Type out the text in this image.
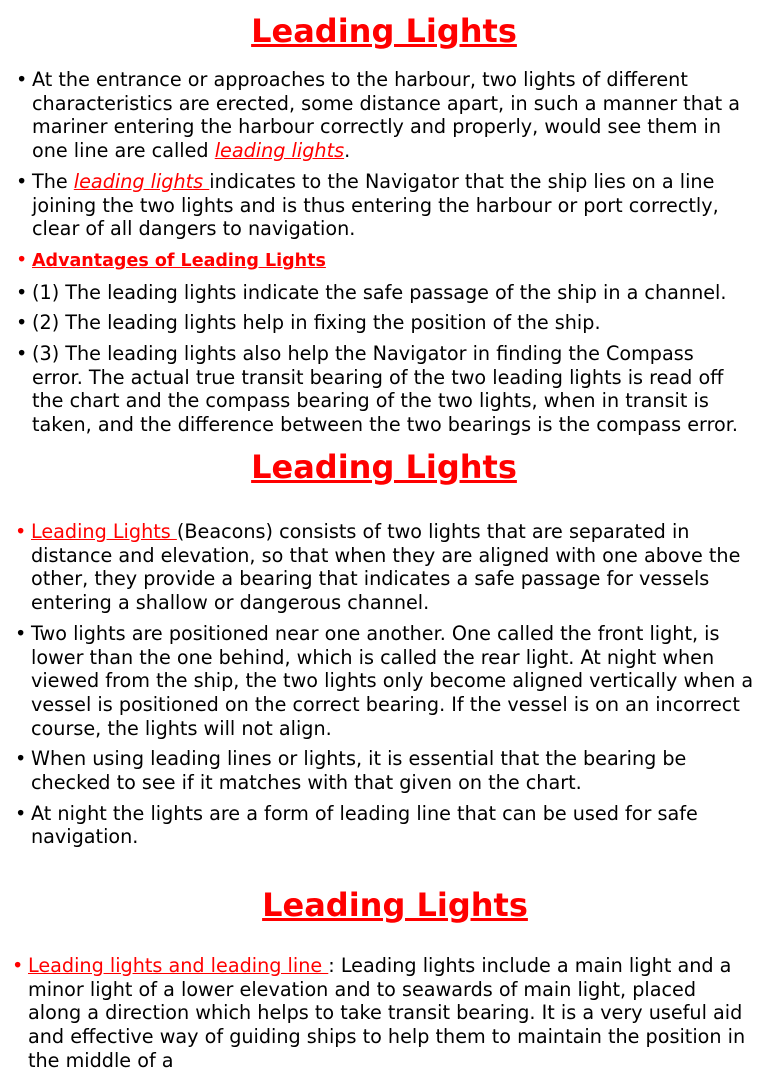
Leading Lights
• At the entrance or approaches to the harbour, two lights of different characteristics are erected, some distance apart, in such a manner that a mariner entering the harbour correctly and properly, would see them in one line are called leading lights.
• The leading lights indicates to the Navigator that the ship lies on a line joining the two lights and is thus entering the harbour or port correctly, clear of all dangers to navigation.
• Advantages of Leading Lights
• (1) The leading lights indicate the safe passage of the ship in a channel.
• (2) The leading lights help in fixing the position of the ship.
• (3) The leading lights also help the Navigator in finding the Compass error. The actual true transit bearing of the two leading lights is read off the chart and the compass bearing of the two lights, when in transit is taken, and the difference between the two bearings is the compass error.
Leading Lights
• Leading Lights (Beacons) consists of two lights that are separated in distance and elevation, so that when they are aligned with one above the other, they provide a bearing that indicates a safe passage for vessels entering a shallow or dangerous channel.
• Two lights are positioned near one another. One called the front light, is lower than the one behind, which is called the rear light. At night when viewed from the ship, the two lights only become aligned vertically when a vessel is positioned on the correct bearing. If the vessel is on an incorrect course, the lights will not align.
• When using leading lines or lights, it is essential that the bearing be checked to see if it matches with that given on the chart.
• At night the lights are a form of leading line that can be used for safe navigation.
Leading Lights
• Leading lights and leading line : Leading lights include a main light and a minor light of a lower elevation and to seawards of main light, placed along a direction which helps to take transit bearing. It is a very useful aid and effective way of guiding ships to help them to maintain the position in the middle of a
